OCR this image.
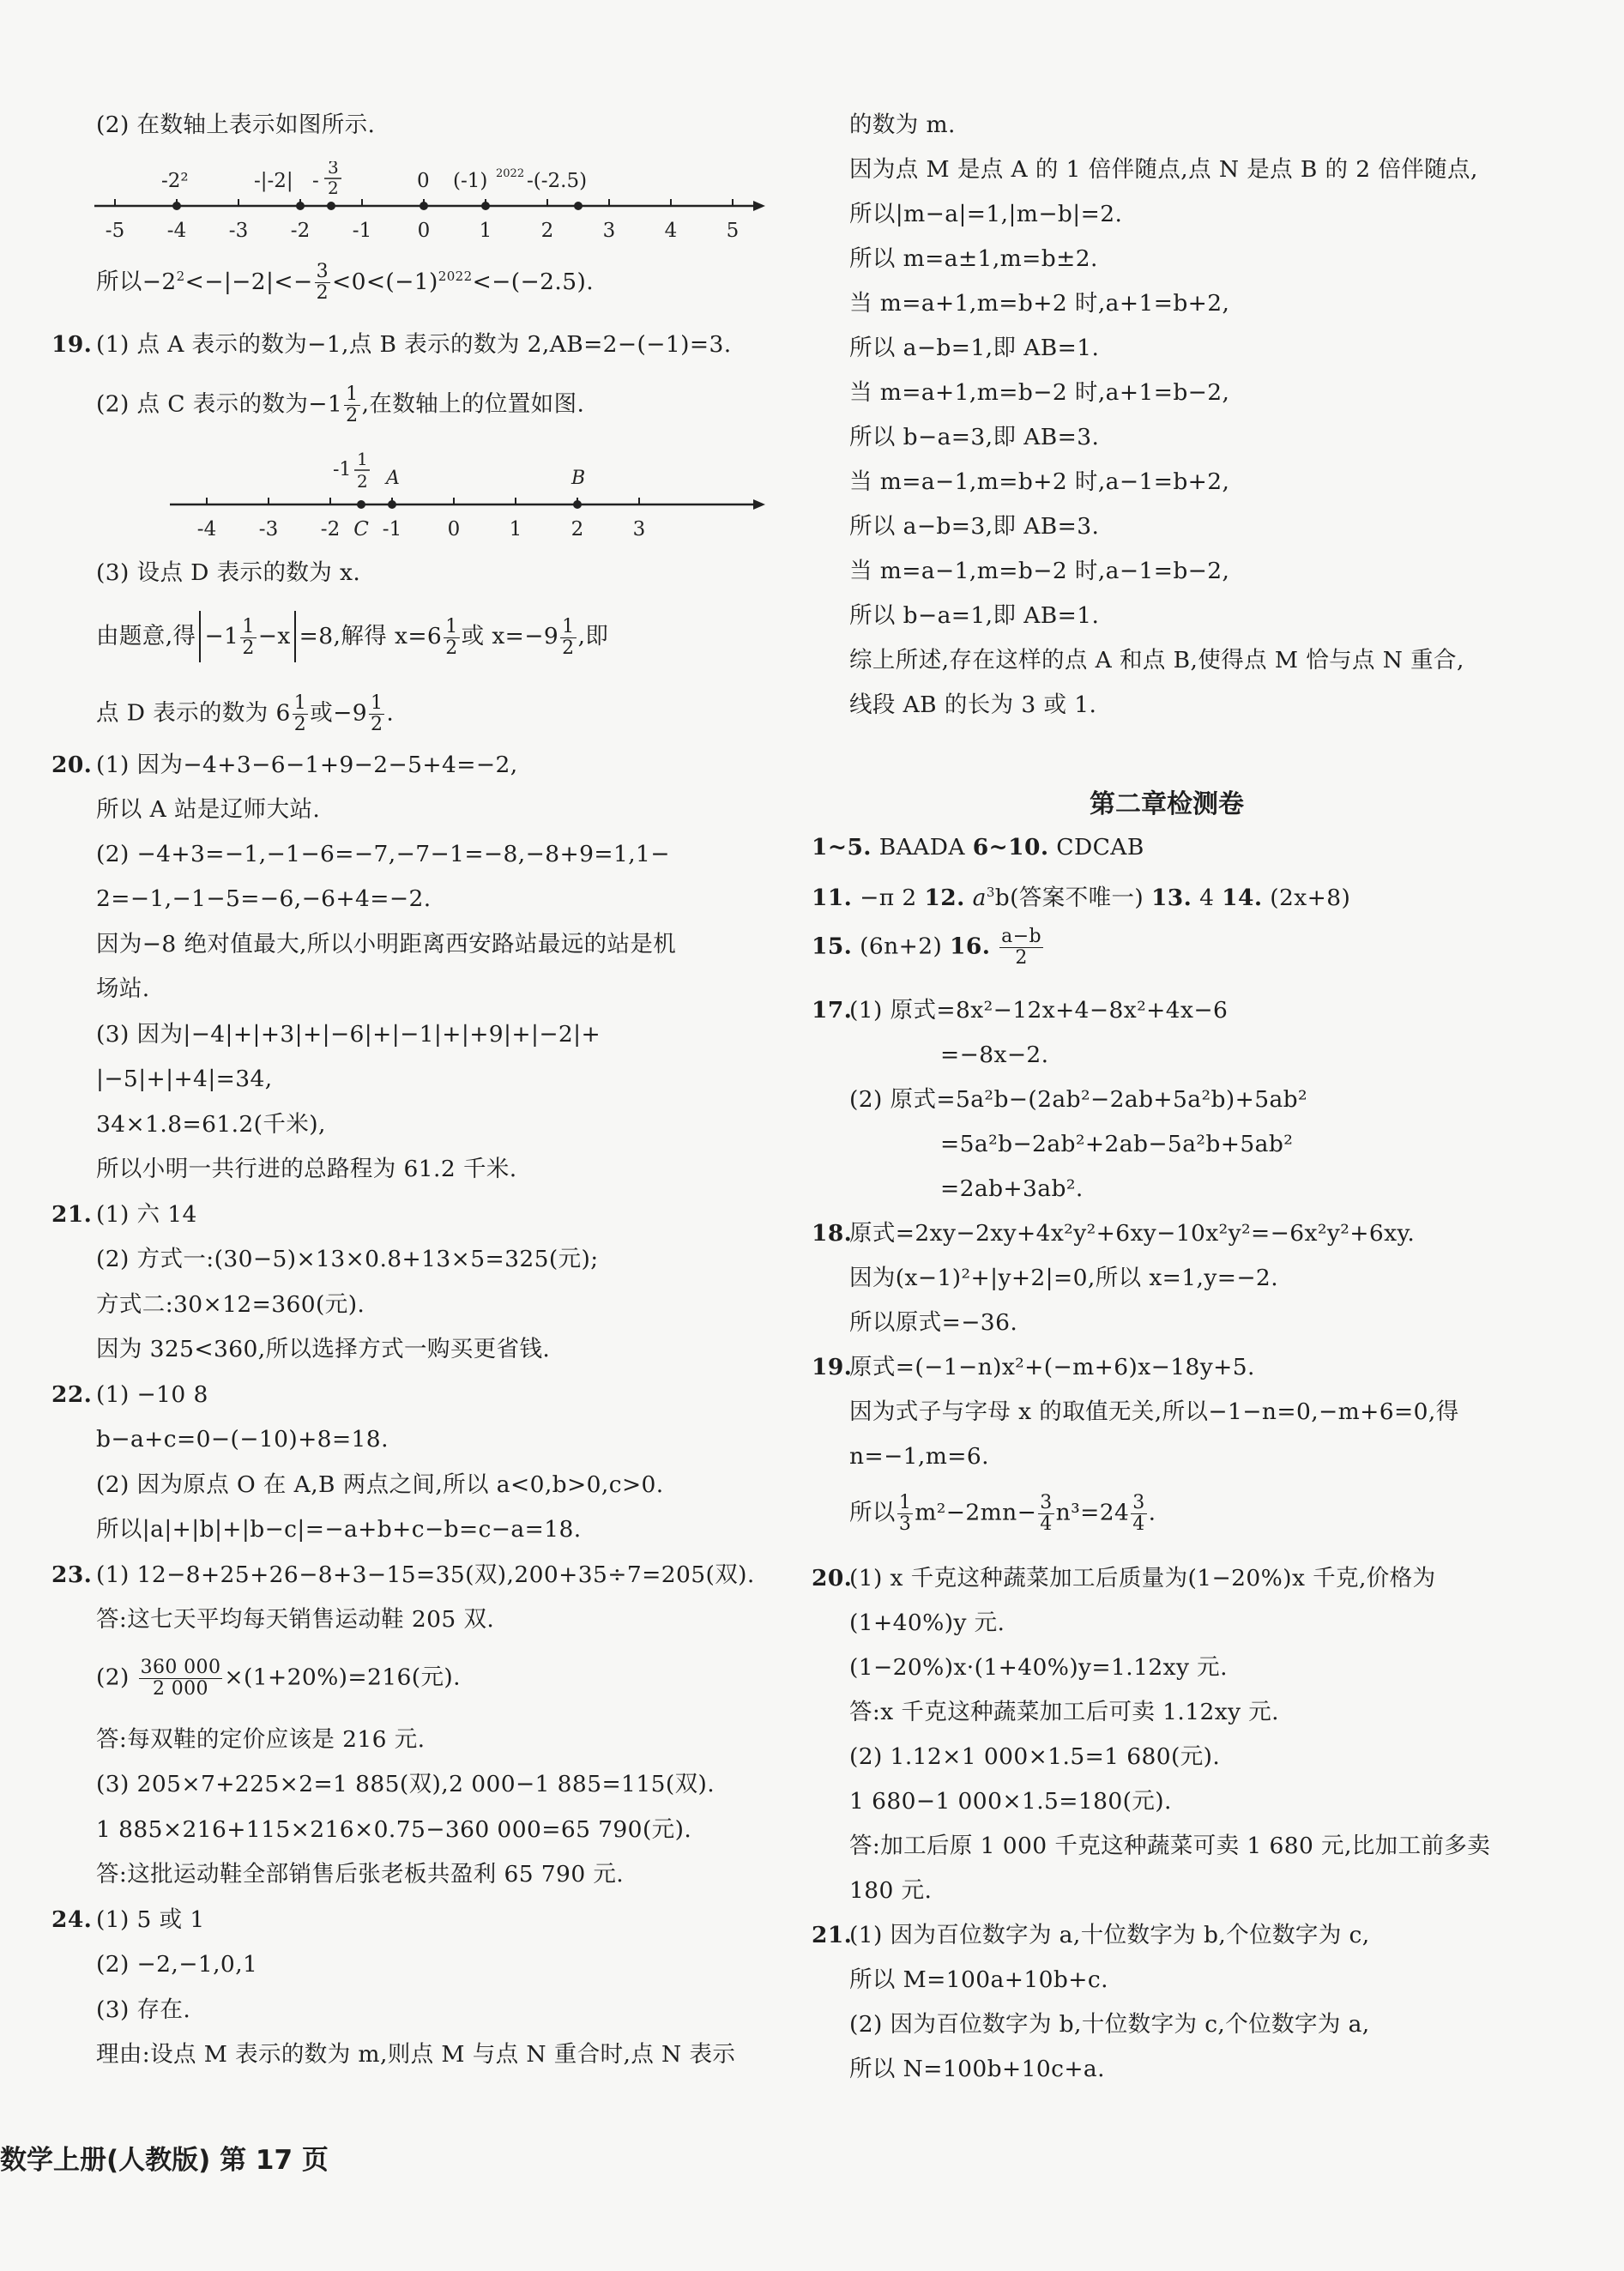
(2) 在数轴上表示如图所示.
-5 -4 -3 -2 -1 0 1 2 3 4 5
-2²	-|-2| -
3
2	0 (-1) 2022 -(-2.5)
所以$-2^2<-|-2|<- \frac{3}{2} <0<(-1)^{2022}<-(-2.5)$.
19. (1) 点 A 表示的数为−1,点 B 表示的数为 2,AB=2−(−1)=3.
(2) 点 C 表示的数为$-1 \frac{1}{2}$ ,在数轴上的位置如图.
-4 -3 -2 C -1 0 1 2 3
-1 1
2 A	B
(3) 设点 D 表示的数为 x.
由题意,得 $-1 \frac{1}{2} -x =8$,解得 $x=6 \frac{1}{2}$ 或 $x=-9 \frac{1}{2}$ ,即
点 D 表示的数为 $6 \frac{1}{2}$ 或$-9 \frac{1}{2}$ .
20. (1) 因为−4+3−6−1+9−2−5+4=−2,
所以 A 站是辽师大站.
(2) −4+3=−1,−1−6=−7,−7−1=−8,−8+9=1,1−
2=−1,−1−5=−6,−6+4=−2.
因为−8 绝对值最大,所以小明距离西安路站最远的站是机
场站.
(3) 因为|−4|+|+3|+|−6|+|−1|+|+9|+|−2|+
|−5|+|+4|=34,
34×1.8=61.2(千米),
所以小明一共行进的总路程为 61.2 千米.
21. (1) 六 14
(2) 方式一:(30−5)×13×0.8+13×5=325(元);
方式二:30×12=360(元).
因为 325<360,所以选择方式一购买更省钱.
22. (1) −10 8
b−a+c=0−(−10)+8=18.
(2) 因为原点 O 在 A,B 两点之间,所以 a<0,b>0,c>0.
所以|a|+|b|+|b−c|=−a+b+c−b=c−a=18.
23. (1) 12−8+25+26−8+3−15=35(双),200+35÷7=205(双).
答:这七天平均每天销售运动鞋 205 双.
$(2) \frac{360 000}{2 000} \times(1+20\%)=216$(元).
答:每双鞋的定价应该是 216 元.
(3) 205×7+225×2=1 885(双),2 000−1 885=115(双).
1 885×216+115×216×0.75−360 000=65 790(元).
答:这批运动鞋全部销售后张老板共盈利 65 790 元.
24. (1) 5 或 1
(2) −2,−1,0,1
(3) 存在.
理由:设点 M 表示的数为 m,则点 M 与点 N 重合时,点 N 表示
数学上册(人教版) 第 17 页
的数为 m.
因为点 M 是点 A 的 1 倍伴随点,点 N 是点 B 的 2 倍伴随点,
所以|m−a|=1,|m−b|=2.
所以 m=a±1,m=b±2.
当 m=a+1,m=b+2 时,a+1=b+2,
所以 a−b=1,即 AB=1.
当 m=a+1,m=b−2 时,a+1=b−2,
所以 b−a=3,即 AB=3.
当 m=a−1,m=b+2 时,a−1=b+2,
所以 a−b=3,即 AB=3.
当 m=a−1,m=b−2 时,a−1=b−2,
所以 b−a=1,即 AB=1.
综上所述,存在这样的点 A 和点 B,使得点 M 恰与点 N 重合,
线段 AB 的长为 3 或 1.
第二章检测卷
1~5. BAADA 6~10. CDCAB
11. −π 2 12. $a^3b$(答案不唯一) 13. 4 14. (2x+8)
15. (6n+2) 16. $\frac{a-b}{2}$
17.
(1) 原式=8x²−12x+4−8x²+4x−6
=−8x−2.
(2) 原式=5a²b−(2ab²−2ab+5a²b)+5ab²
=5a²b−2ab²+2ab−5a²b+5ab²
=2ab+3ab².
18.
原式=2xy−2xy+4x²y²+6xy−10x²y²=−6x²y²+6xy.
因为(x−1)²+|y+2|=0,所以 x=1,y=−2.
所以原式=−36.
19.
原式=(−1−n)x²+(−m+6)x−18y+5.
因为式子与字母 x 的取值无关,所以−1−n=0,−m+6=0,得
n=−1,m=6.
所以 $\frac{1}{3} m^2-2mn- \frac{3}{4} n^3=24 \frac{3}{4}$ .
20.
(1) x 千克这种蔬菜加工后质量为(1−20%)x 千克,价格为
(1+40%)y 元.
(1−20%)x·(1+40%)y=1.12xy 元.
答:x 千克这种蔬菜加工后可卖 1.12xy 元.
(2) 1.12×1 000×1.5=1 680(元).
1 680−1 000×1.5=180(元).
答:加工后原 1 000 千克这种蔬菜可卖 1 680 元,比加工前多卖
180 元.
21.
(1) 因为百位数字为 a,十位数字为 b,个位数字为 c,
所以 M=100a+10b+c.
(2) 因为百位数字为 b,十位数字为 c,个位数字为 a,
所以 N=100b+10c+a.
